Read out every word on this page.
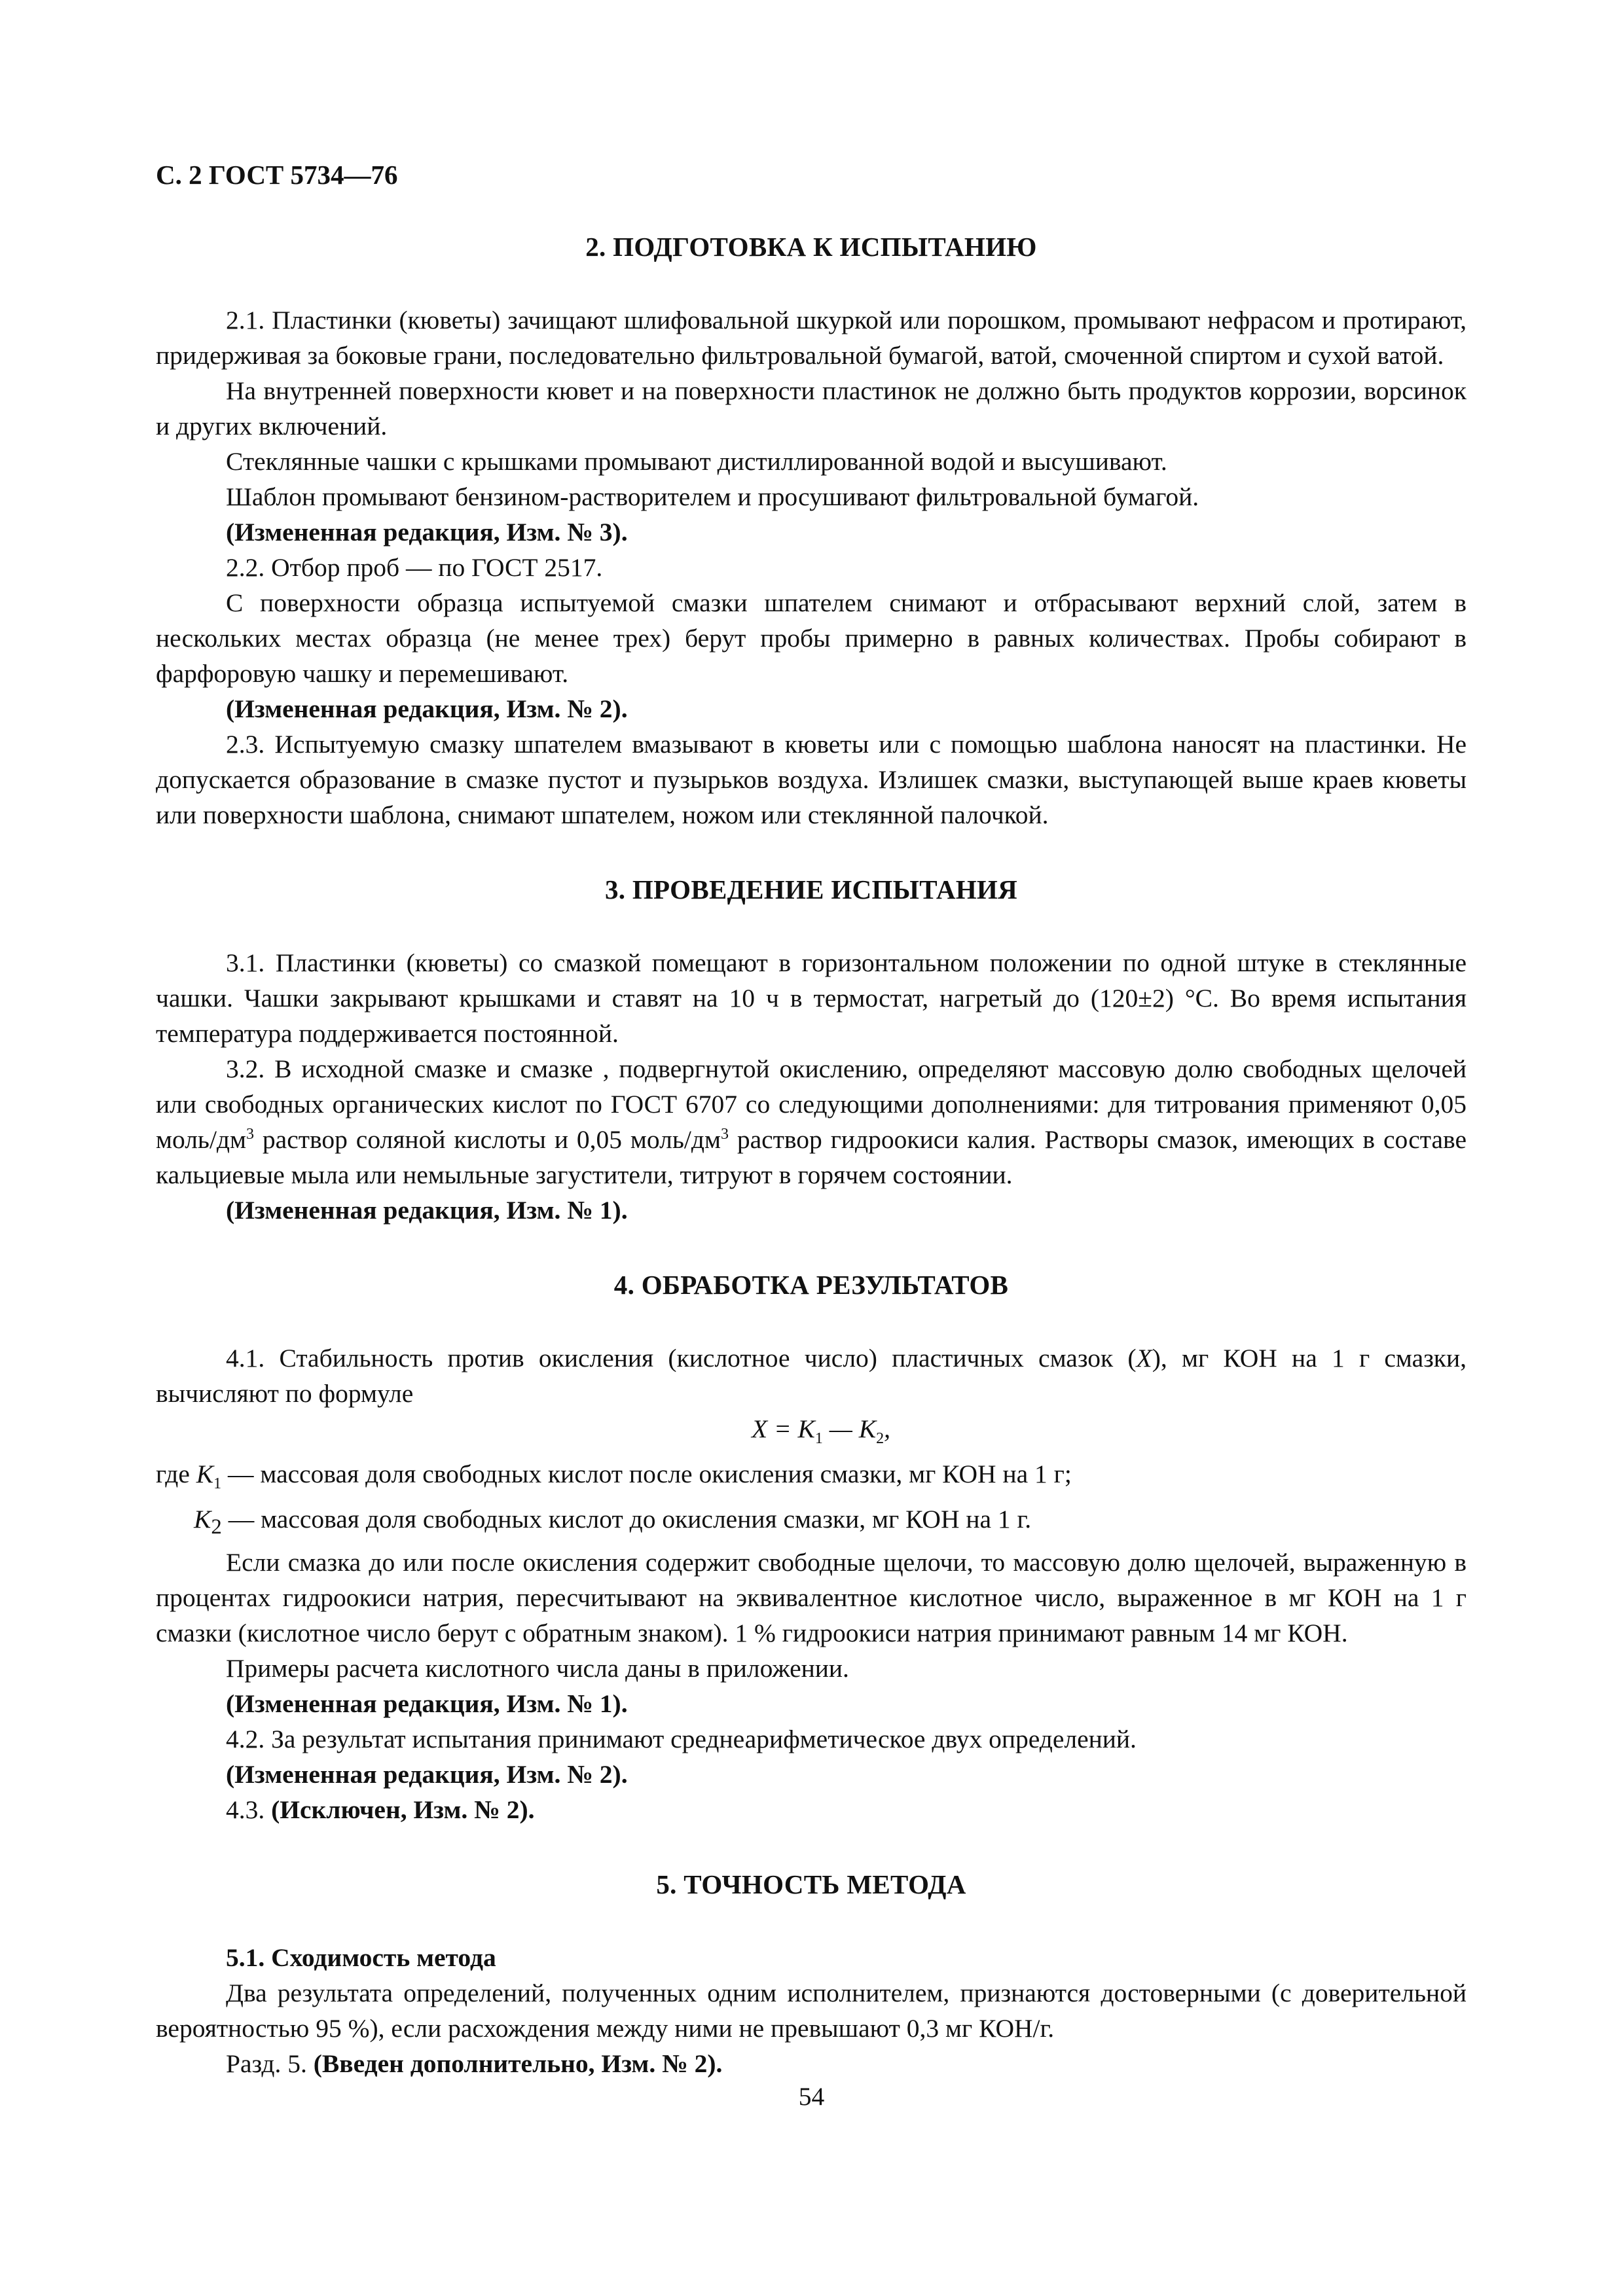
С. 2 ГОСТ 5734—76
2. ПОДГОТОВКА К ИСПЫТАНИЮ

2.1. Пластинки (кюветы) зачищают шлифовальной шкуркой или порошком, промывают нефрасом и протирают, придерживая за боковые грани, последовательно фильтровальной бумагой, ватой, смоченной спиртом и сухой ватой.

На внутренней поверхности кювет и на поверхности пластинок не должно быть продуктов коррозии, ворсинок и других включений.

Стеклянные чашки с крышками промывают дистиллированной водой и высушивают.

Шаблон промывают бензином-растворителем и просушивают фильтровальной бумагой.

(Измененная редакция, Изм. № 3).

2.2. Отбор проб — по ГОСТ 2517.

С поверхности образца испытуемой смазки шпателем снимают и отбрасывают верхний слой, затем в нескольких местах образца (не менее трех) берут пробы примерно в равных количествах. Пробы собирают в фарфоровую чашку и перемешивают.

(Измененная редакция, Изм. № 2).

2.3. Испытуемую смазку шпателем вмазывают в кюветы или с помощью шаблона наносят на пластинки. Не допускается образование в смазке пустот и пузырьков воздуха. Излишек смазки, выступающей выше краев кюветы или поверхности шаблона, снимают шпателем, ножом или стеклянной палочкой.

3. ПРОВЕДЕНИЕ ИСПЫТАНИЯ

3.1. Пластинки (кюветы) со смазкой помещают в горизонтальном положении по одной штуке в стеклянные чашки. Чашки закрывают крышками и ставят на 10 ч в термостат, нагретый до (120±2) °С. Во время испытания температура поддерживается постоянной.

3.2. В исходной смазке и смазке , подвергнутой окислению, определяют массовую долю свободных щелочей или свободных органических кислот по ГОСТ 6707 со следующими дополнениями: для титрования применяют 0,05 моль/$дм^3$ раствор соляной кислоты и 0,05 моль/$дм^3$ раствор гидроокиси калия. Растворы смазок, имеющих в составе кальциевые мыла или немыльные загустители, титруют в горячем состоянии.

(Измененная редакция, Изм. № 1).

4. ОБРАБОТКА РЕЗУЛЬТАТОВ

4.1. Стабильность против окисления (кислотное число) пластичных смазок (X), мг КОН на 1 г смазки, вычисляют по формуле

$X = K_1$ — $K_2$,

где $K_1$ — массовая доля свободных кислот после окисления смазки, мг КОН на 1 г;

$K_2$ — массовая доля свободных кислот до окисления смазки, мг КОН на 1 г.

Если смазка до или после окисления содержит свободные щелочи, то массовую долю щелочей, выраженную в процентах гидроокиси натрия, пересчитывают на эквивалентное кислотное число, выраженное в мг КОН на 1 г смазки (кислотное число берут с обратным знаком). 1 % гидроокиси натрия принимают равным 14 мг КОН.

Примеры расчета кислотного числа даны в приложении.

(Измененная редакция, Изм. № 1).

4.2. За результат испытания принимают среднеарифметическое двух определений.

(Измененная редакция, Изм. № 2).

4.3. (Исключен, Изм. № 2).

5. ТОЧНОСТЬ МЕТОДА

5.1. Сходимость метода

Два результата определений, полученных одним исполнителем, признаются достоверными (с доверительной вероятностью 95 %), если расхождения между ними не превышают 0,3 мг КОН/г.

Разд. 5. (Введен дополнительно, Изм. № 2).

54
